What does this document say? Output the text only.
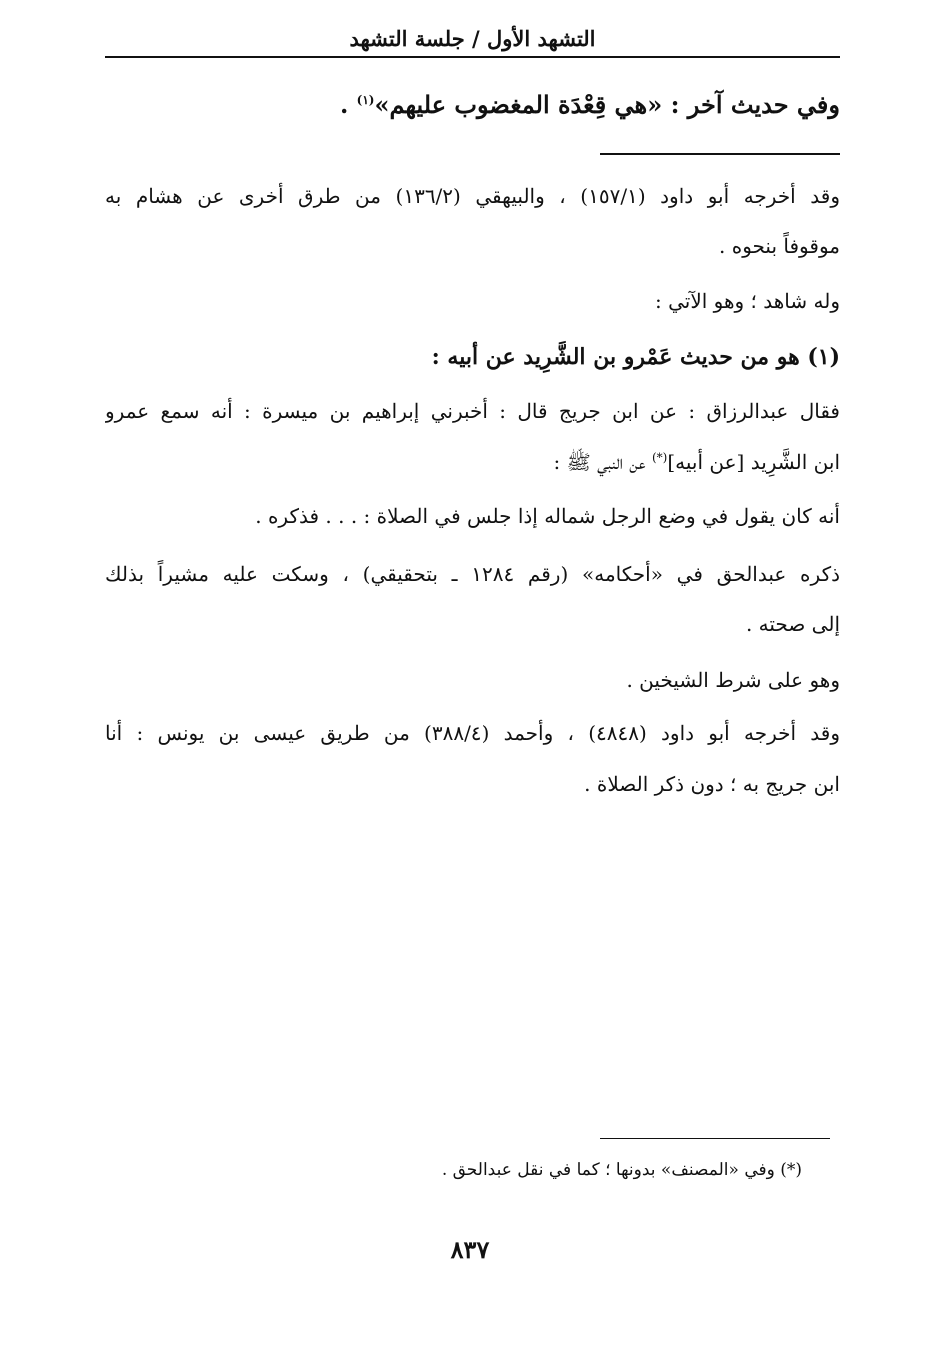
التشهد الأول / جلسة التشهد
وفي حديث آخر : «هي قِعْدَة المغضوب عليهم»$^{(١)}$ .
وقد أخرجه أبو داود (١٥٧/١) ، والبيهقي (١٣٦/٢) من طرق أخرى عن هشام به
موقوفاً بنحوه .
وله شاهد ؛ وهو الآتي :
(١) هو من حديث عَمْرو بن الشَّرِيد عن أبيه :
فقال عبدالرزاق : عن ابن جريج قال : أخبرني إبراهيم بن ميسرة : أنه سمع عمرو
ابن الشَّرِيد [عن أبيه](*) عن النبي ﷺ :
أنه كان يقول في وضع الرجل شماله إذا جلس في الصلاة : . . . فذكره .
ذكره عبدالحق في «أحكامه» (رقم ١٢٨٤ ـ بتحقيقي) ، وسكت عليه مشيراً بذلك
إلى صحته .
وهو على شرط الشيخين .
وقد أخرجه أبو داود (٤٨٤٨) ، وأحمد (٣٨٨/٤) من طريق عيسى بن يونس : أنا
ابن جريج به ؛ دون ذكر الصلاة .
(*) وفي «المصنف» بدونها ؛ كما في نقل عبدالحق .
٨٣٧
